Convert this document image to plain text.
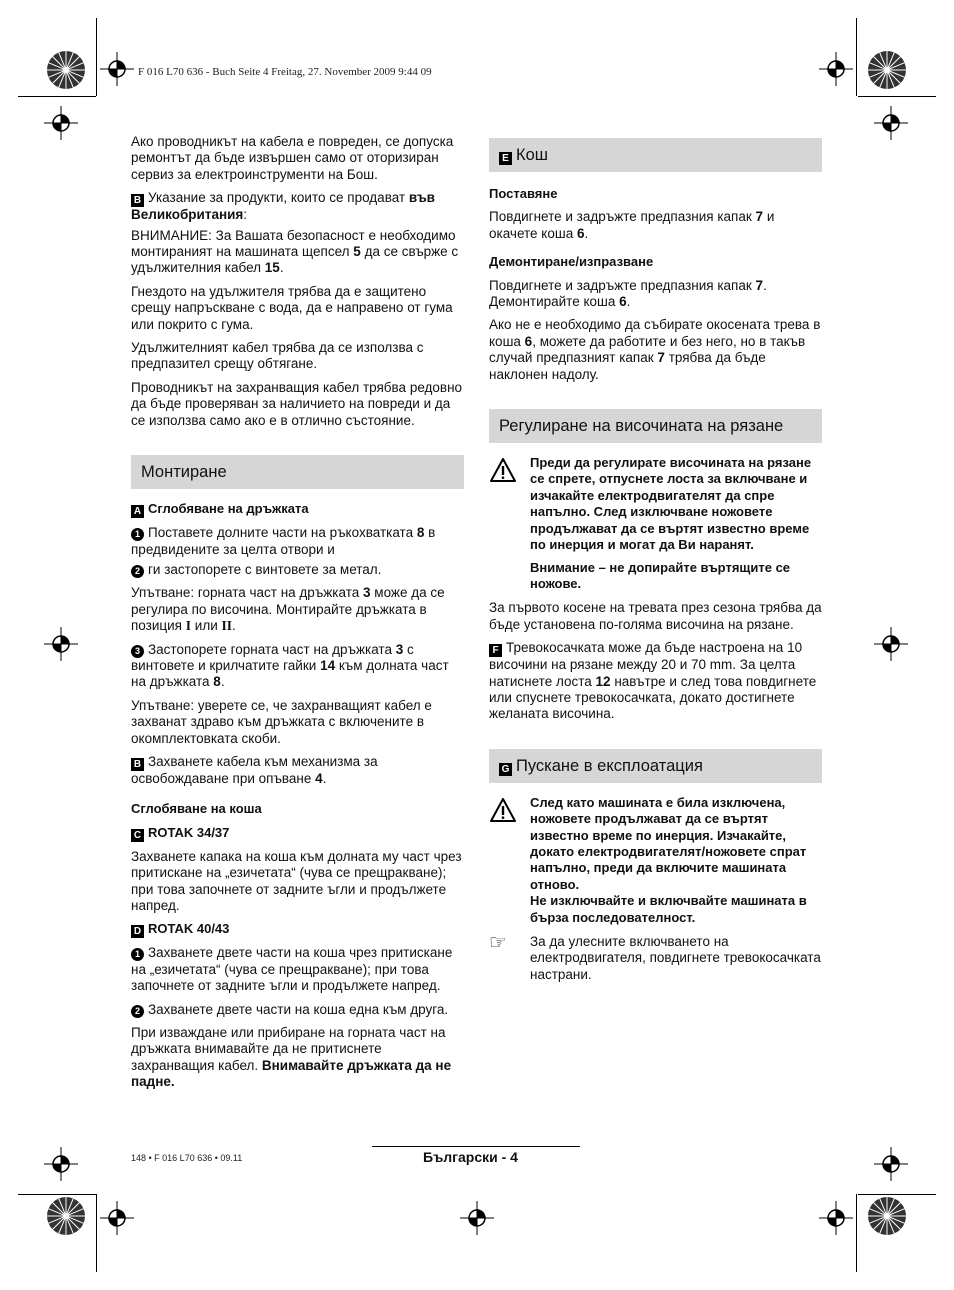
F 016 L70 636 - Buch Seite 4 Freitag, 27. November 2009 9:44 09

Ако проводникът на кабела е повреден, се допуска ремонтът да бъде извършен само от оторизиран сервиз за електроинструменти на Бош.

B Указание за продукти, които се продават във Великобритания:

ВНИМАНИЕ: За Вашата безопасност е необходимо монтираният на машината щепсел 5 да се свърже с удължителния кабел 15.

Гнездото на удължителя трябва да е защитено срещу напръскване с вода, да е направено от гума или покрито с гума.

Удължителният кабел трябва да се използва с предпазител срещу обтягане.

Проводникът на захранващия кабел трябва редовно да бъде проверяван за наличието на повреди и да се използва само ако е в отлично състояние.

Монтиране

A Сглобяване на дръжката

1 Поставете долните части на ръкохватката 8 в предвидените за целта отвори и

2 ги застопорете с винтовете за метал.

Упътване: горната част на дръжката 3 може да се регулира по височина. Монтирайте дръжката в позиция I или II.

3 Застопорете горната част на дръжката 3 с винтовете и крилчатите гайки 14 към долната част на дръжката 8.

Упътване: уверете се, че захранващият кабел е захванат здраво към дръжката с включените в окомплектовката скоби.

B Захванете кабела към механизма за освобождаване при опъване 4.

Сглобяване на коша

C ROTAK 34/37

Захванете капака на коша към долната му част чрез притискане на „езичетата“ (чува се прещракване); при това започнете от задните ъгли и продължете напред.

D ROTAK 40/43

1 Захванете двете части на коша чрез притискане на „езичетата“ (чува се прещракване); при това започнете от задните ъгли и продължете напред.

2 Захванете двете части на коша една към друга.

При изваждане или прибиране на горната част на дръжката внимавайте да не притиснете захранващия кабел. Внимавайте дръжката да не падне.

E Кош

Поставяне

Повдигнете и задръжте предпазния капак 7 и окачете коша 6.

Демонтиране/изпразване

Повдигнете и задръжте предпазния капак 7. Демонтирайте коша 6.

Ако не е необходимо да събирате окосената трева в коша 6, можете да работите и без него, но в такъв случай предпазният капак 7 трябва да бъде наклонен надолу.

Регулиране на височината на рязане
Преди да регулирате височината на рязане се спрете, отпуснете лоста за включване и изчакайте електродвигателят да спре напълно. След изключване ножовете продължават да се въртят известно време по инерция и могат да Ви наранят.
Внимание – не допирайте въртящите се ножове.

За първото косене на тревата през сезона трябва да бъде установена по-голяма височина на рязане.

F Тревокосачката може да бъде настроена на 10 височини на рязане между 20 и 70 mm. За целта натиснете лоста 12 навътре и след това повдигнете или спуснете тревокосачката, докато достигнете желаната височина.

G Пускане в експлоатация
След като машината е била изключена, ножовете продължават да се въртят известно време по инерция. Изчакайте, докато електродвигателят/ножовете спрат напълно, преди да включите машината отново.
Не изключвайте и включвайте машината в бърза последователност.
☞	За да улесните включването на електродвигателя, повдигнете тревокосачката настрани.
148 • F 016 L70 636 • 09.11	Български - 4
